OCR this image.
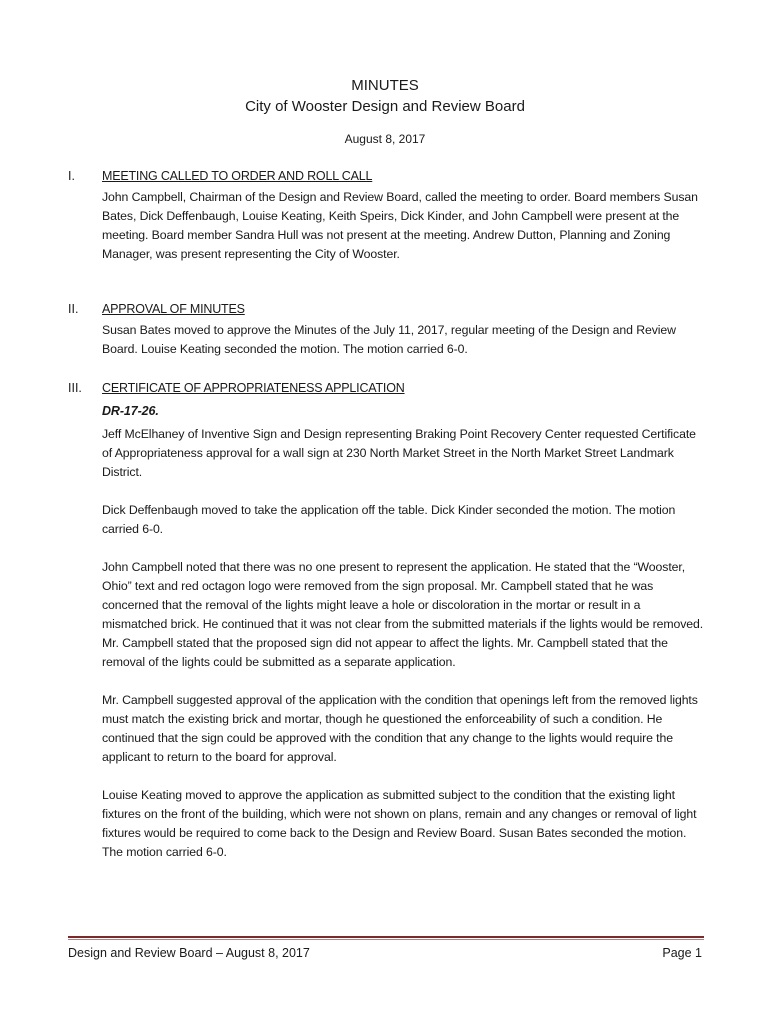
MINUTES
City of Wooster Design and Review Board
August 8, 2017
I. MEETING CALLED TO ORDER AND ROLL CALL

John Campbell, Chairman of the Design and Review Board, called the meeting to order. Board members Susan Bates, Dick Deffenbaugh, Louise Keating, Keith Speirs, Dick Kinder, and John Campbell were present at the meeting. Board member Sandra Hull was not present at the meeting. Andrew Dutton, Planning and Zoning Manager, was present representing the City of Wooster.

II. APPROVAL OF MINUTES

Susan Bates moved to approve the Minutes of the July 11, 2017, regular meeting of the Design and Review Board. Louise Keating seconded the motion. The motion carried 6-0.

III. CERTIFICATE OF APPROPRIATENESS APPLICATION

DR-17-26.

Jeff McElhaney of Inventive Sign and Design representing Braking Point Recovery Center requested Certificate of Appropriateness approval for a wall sign at 230 North Market Street in the North Market Street Landmark District.

Dick Deffenbaugh moved to take the application off the table. Dick Kinder seconded the motion. The motion carried 6-0.

John Campbell noted that there was no one present to represent the application. He stated that the “Wooster, Ohio” text and red octagon logo were removed from the sign proposal. Mr. Campbell stated that he was concerned that the removal of the lights might leave a hole or discoloration in the mortar or result in a mismatched brick. He continued that it was not clear from the submitted materials if the lights would be removed. Mr. Campbell stated that the proposed sign did not appear to affect the lights. Mr. Campbell stated that the removal of the lights could be submitted as a separate application.

Mr. Campbell suggested approval of the application with the condition that openings left from the removed lights must match the existing brick and mortar, though he questioned the enforceability of such a condition. He continued that the sign could be approved with the condition that any change to the lights would require the applicant to return to the board for approval.

Louise Keating moved to approve the application as submitted subject to the condition that the existing light fixtures on the front of the building, which were not shown on plans, remain and any changes or removal of light fixtures would be required to come back to the Design and Review Board. Susan Bates seconded the motion. The motion carried 6-0.

Design and Review Board – August 8, 2017	Page 1
